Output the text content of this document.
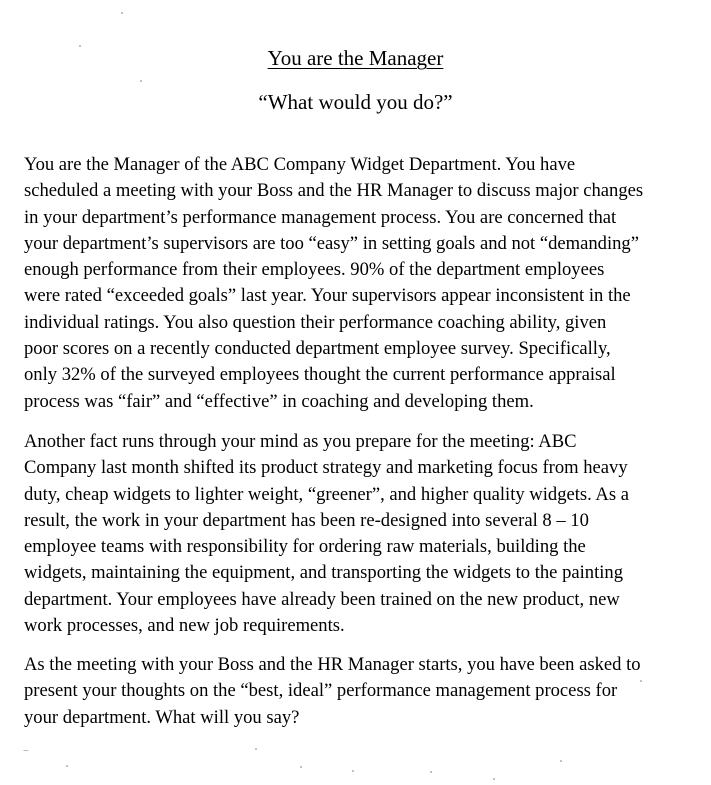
You are the Manager
“What would you do?”
You are the Manager of the ABC Company Widget Department. You have
scheduled a meeting with your Boss and the HR Manager to discuss major changes
in your department’s performance management process. You are concerned that
your department’s supervisors are too “easy” in setting goals and not “demanding”
enough performance from their employees. 90% of the department employees
were rated “exceeded goals” last year. Your supervisors appear inconsistent in the
individual ratings. You also question their performance coaching ability, given
poor scores on a recently conducted department employee survey. Specifically,
only 32% of the surveyed employees thought the current performance appraisal
process was “fair” and “effective” in coaching and developing them.
Another fact runs through your mind as you prepare for the meeting: ABC
Company last month shifted its product strategy and marketing focus from heavy
duty, cheap widgets to lighter weight, “greener”, and higher quality widgets. As a
result, the work in your department has been re-designed into several 8 – 10
employee teams with responsibility for ordering raw materials, building the
widgets, maintaining the equipment, and transporting the widgets to the painting
department. Your employees have already been trained on the new product, new
work processes, and new job requirements.
As the meeting with your Boss and the HR Manager starts, you have been asked to
present your thoughts on the “best, ideal” performance management process for
your department. What will you say?
